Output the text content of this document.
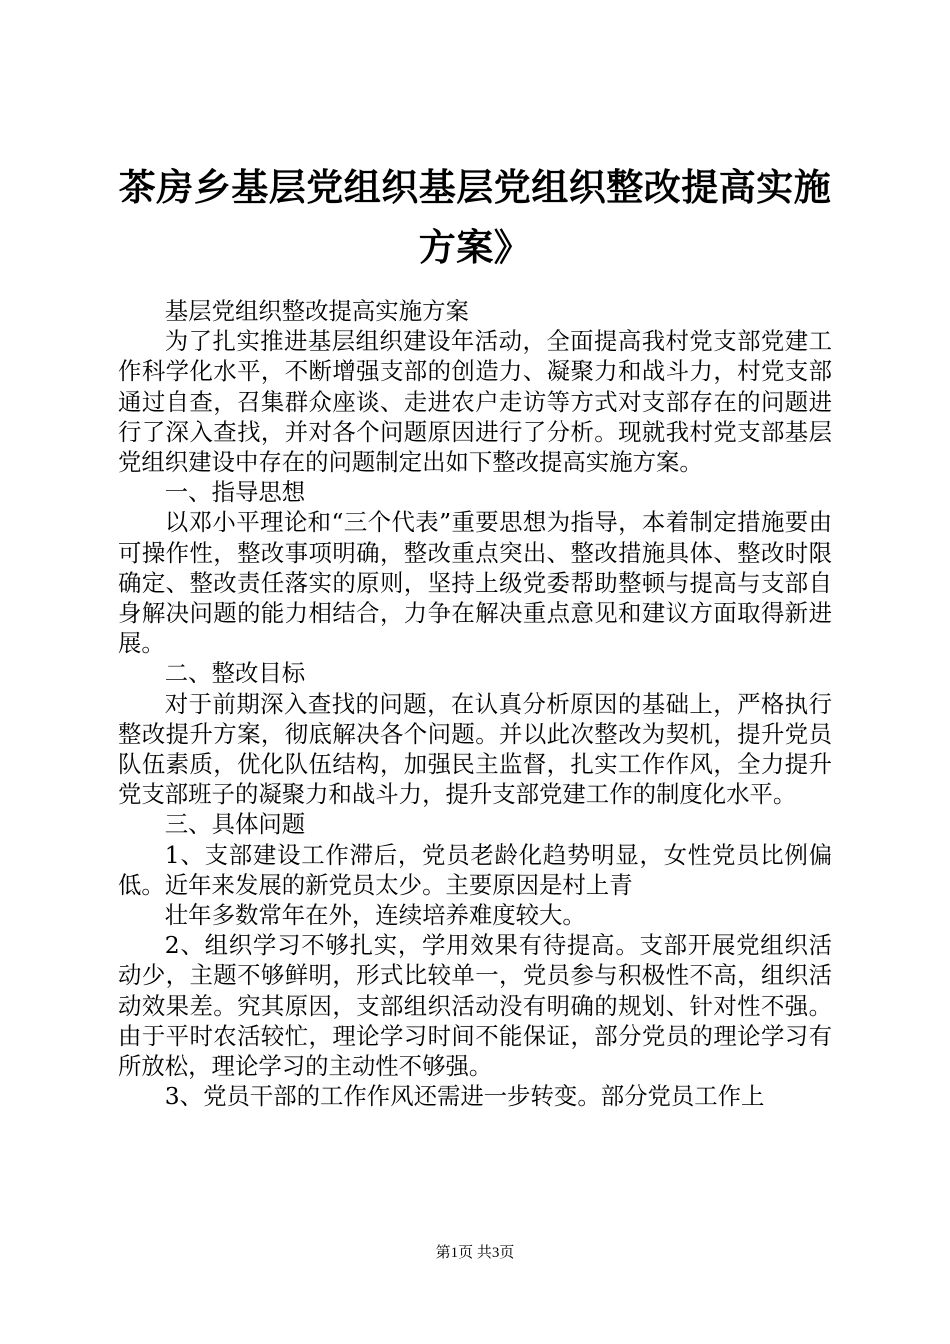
茶房乡基层党组织基层党组织整改提高实施方案》

基层党组织整改提高实施方案

为了扎实推进基层组织建设年活动，全面提高我村党支部党建工作科学化水平，不断增强支部的创造力、凝聚力和战斗力，村党支部通过自查，召集群众座谈、走进农户走访等方式对支部存在的问题进行了深入查找，并对各个问题原因进行了分析。现就我村党支部基层党组织建设中存在的问题制定出如下整改提高实施方案。

一、指导思想

以邓小平理论和“三个代表”重要思想为指导，本着制定措施要由可操作性，整改事项明确，整改重点突出、整改措施具体、整改时限确定、整改责任落实的原则，坚持上级党委帮助整顿与提高与支部自身解决问题的能力相结合，力争在解决重点意见和建议方面取得新进展。

二、整改目标

对于前期深入查找的问题，在认真分析原因的基础上，严格执行整改提升方案，彻底解决各个问题。并以此次整改为契机，提升党员队伍素质，优化队伍结构，加强民主监督，扎实工作作风，全力提升党支部班子的凝聚力和战斗力，提升支部党建工作的制度化水平。

三、具体问题

1、支部建设工作滞后，党员老龄化趋势明显，女性党员比例偏低。近年来发展的新党员太少。主要原因是村上青

壮年多数常年在外，连续培养难度较大。

2、组织学习不够扎实，学用效果有待提高。支部开展党组织活动少，主题不够鲜明，形式比较单一，党员参与积极性不高，组织活动效果差。究其原因，支部组织活动没有明确的规划、针对性不强。由于平时农活较忙，理论学习时间不能保证，部分党员的理论学习有所放松，理论学习的主动性不够强。

3、党员干部的工作作风还需进一步转变。部分党员工作上

第1页 共3页
